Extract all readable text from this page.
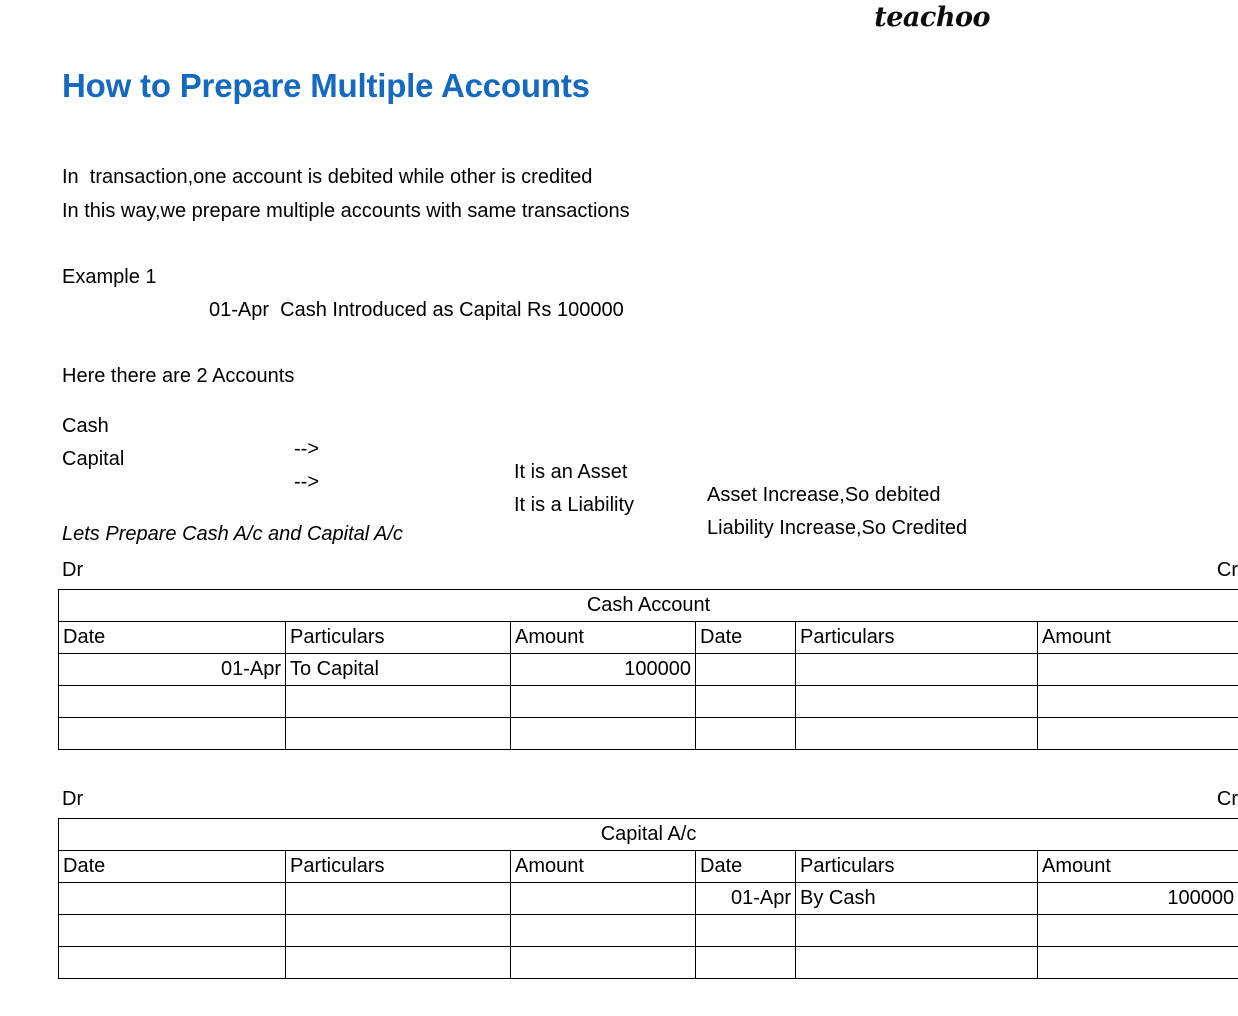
teachoo
How to Prepare Multiple Accounts
In  transaction,one account is debited while other is credited
In this way,we prepare multiple accounts with same transactions
Example 1
01-Apr  Cash Introduced as Capital Rs 100000
Here there are 2 Accounts

Cash

-->

It is an Asset

Asset Increase,So debited

Capital

-->

It is a Liability

Liability Increase,So Credited

Lets Prepare Cash A/c and Capital A/c
Dr	Cr
Cash Account					
Date	Particulars	Amount	Date	Particulars	Amount
01-Apr	To Capital	100000			

Dr	Cr
Capital A/c					
Date	Particulars	Amount	Date	Particulars	Amount
			01-Apr	By Cash	100000
